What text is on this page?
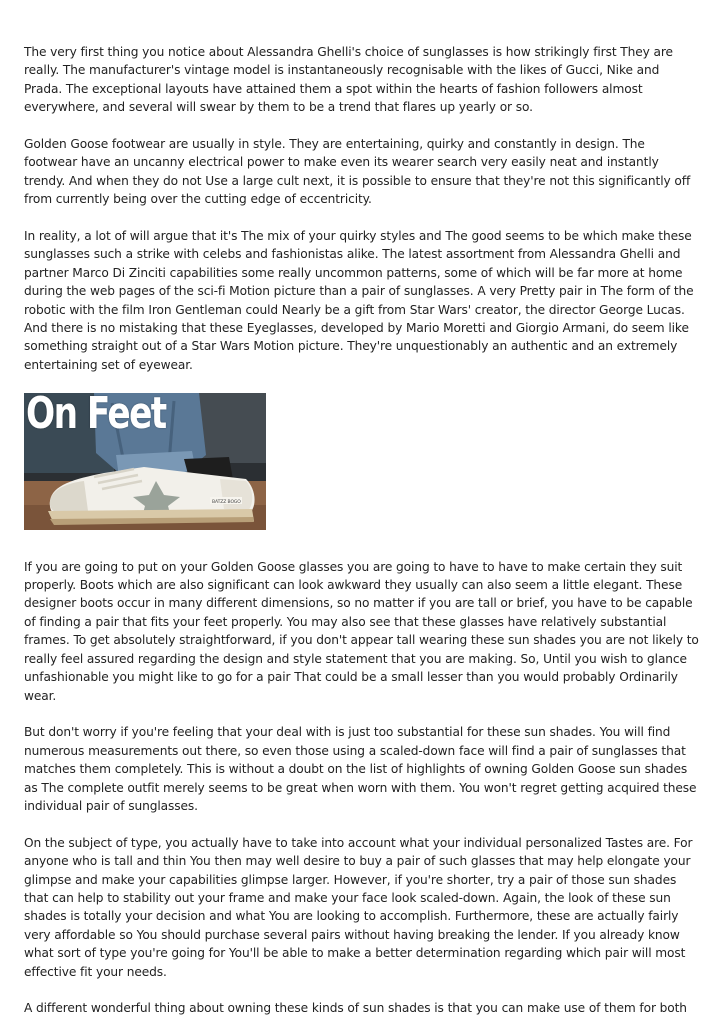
The very first thing you notice about Alessandra Ghelli's choice of sunglasses is how strikingly first They are really. The manufacturer's vintage model is instantaneously recognisable with the likes of Gucci, Nike and Prada. The exceptional layouts have attained them a spot within the hearts of fashion followers almost everywhere, and several will swear by them to be a trend that flares up yearly or so.

Golden Goose footwear are usually in style. They are entertaining, quirky and constantly in design. The footwear have an uncanny electrical power to make even its wearer search very easily neat and instantly trendy. And when they do not Use a large cult next, it is possible to ensure that they're not this significantly off from currently being over the cutting edge of eccentricity.

In reality, a lot of will argue that it's The mix of your quirky styles and The good seems to be which make these sunglasses such a strike with celebs and fashionistas alike. The latest assortment from Alessandra Ghelli and partner Marco Di Zinciti capabilities some really uncommon patterns, some of which will be far more at home during the web pages of the sci-fi Motion picture than a pair of sunglasses. A very Pretty pair in The form of the robotic with the film Iron Gentleman could Nearly be a gift from Star Wars' creator, the director George Lucas. And there is no mistaking that these Eyeglasses, developed by Mario Moretti and Giorgio Armani, do seem like something straight out of a Star Wars Motion picture. They're unquestionably an authentic and an extremely entertaining set of eyewear.

BATZZ BOGO
On Feet

If you are going to put on your Golden Goose glasses you are going to have to have to make certain they suit properly. Boots which are also significant can look awkward they usually can also seem a little elegant. These designer boots occur in many different dimensions, so no matter if you are tall or brief, you have to be capable of finding a pair that fits your feet properly. You may also see that these glasses have relatively substantial frames. To get absolutely straightforward, if you don't appear tall wearing these sun shades you are not likely to really feel assured regarding the design and style statement that you are making. So, Until you wish to glance unfashionable you might like to go for a pair That could be a small lesser than you would probably Ordinarily wear.

But don't worry if you're feeling that your deal with is just too substantial for these sun shades. You will find numerous measurements out there, so even those using a scaled-down face will find a pair of sunglasses that matches them completely. This is without a doubt on the list of highlights of owning Golden Goose sun shades as The complete outfit merely seems to be great when worn with them. You won't regret getting acquired these individual pair of sunglasses.

On the subject of type, you actually have to take into account what your individual personalized Tastes are. For anyone who is tall and thin You then may well desire to buy a pair of such glasses that may help elongate your glimpse and make your capabilities glimpse larger. However, if you're shorter, try a pair of those sun shades that can help to stability out your frame and make your face look scaled-down. Again, the look of these sun shades is totally your decision and what You are looking to accomplish. Furthermore, these are actually fairly very affordable so You should purchase several pairs without having breaking the lender. If you already know what sort of type you're going for You'll be able to make a better determination regarding which pair will most effective fit your needs.

A different wonderful thing about owning these kinds of sun shades is that you can make use of them for both
